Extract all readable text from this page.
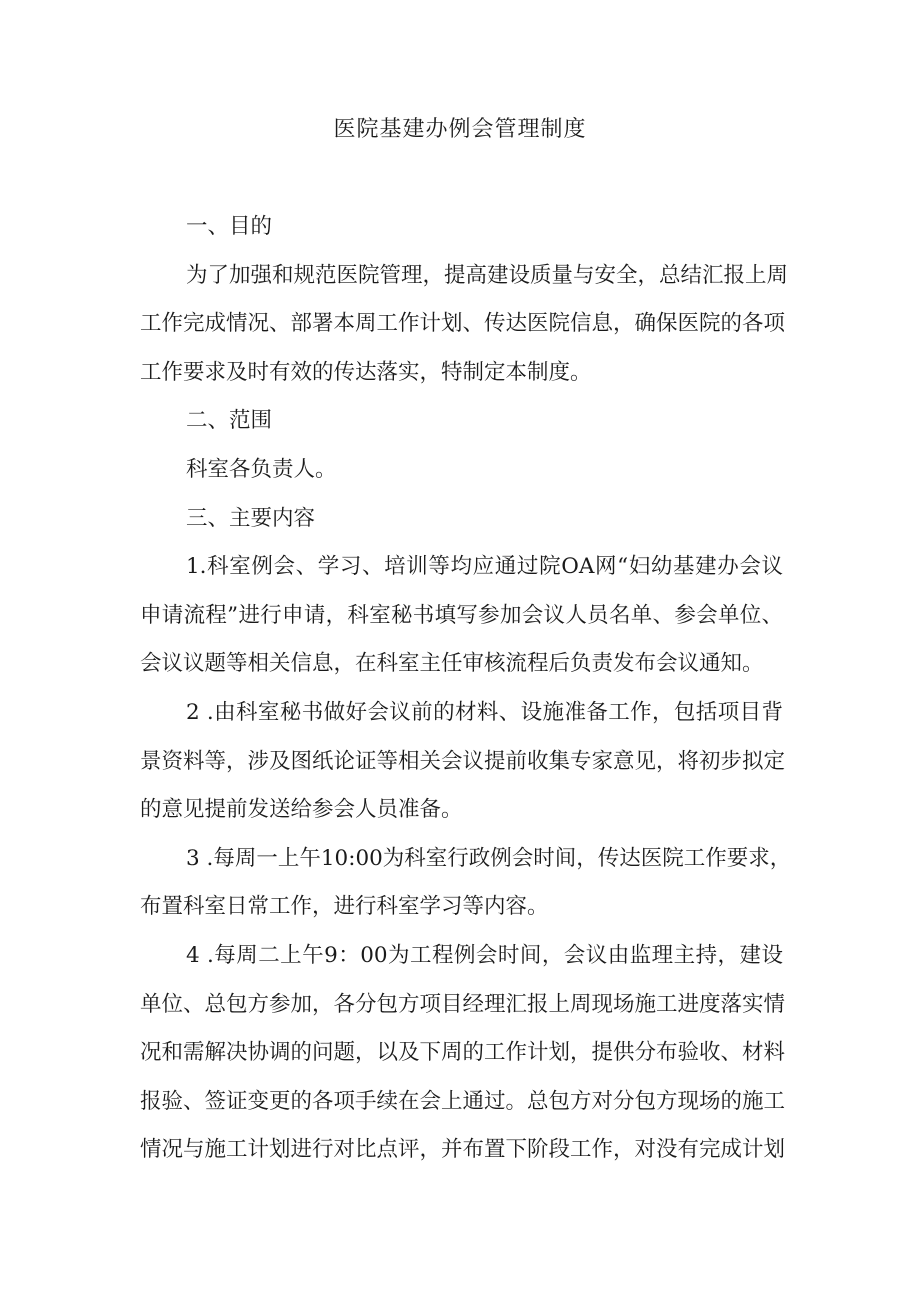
医院基建办例会管理制度
一、目的
为了加强和规范医院管理，提高建设质量与安全，总结汇报上周
工作完成情况、部署本周工作计划、传达医院信息，确保医院的各项
工作要求及时有效的传达落实，特制定本制度。
二、范围
科室各负责人。
三、主要内容
1.科室例会、学习、培训等均应通过院OA网“妇幼基建办会议
申请流程”进行申请，科室秘书填写参加会议人员名单、参会单位、
会议议题等相关信息，在科室主任审核流程后负责发布会议通知。
2 .由科室秘书做好会议前的材料、设施准备工作，包括项目背
景资料等，涉及图纸论证等相关会议提前收集专家意见，将初步拟定
的意见提前发送给参会人员准备。
3 .每周一上午10:00为科室行政例会时间，传达医院工作要求，
布置科室日常工作，进行科室学习等内容。
4 .每周二上午9：00为工程例会时间，会议由监理主持，建设
单位、总包方参加，各分包方项目经理汇报上周现场施工进度落实情
况和需解决协调的问题，以及下周的工作计划，提供分布验收、材料
报验、签证变更的各项手续在会上通过。总包方对分包方现场的施工
情况与施工计划进行对比点评，并布置下阶段工作，对没有完成计划
